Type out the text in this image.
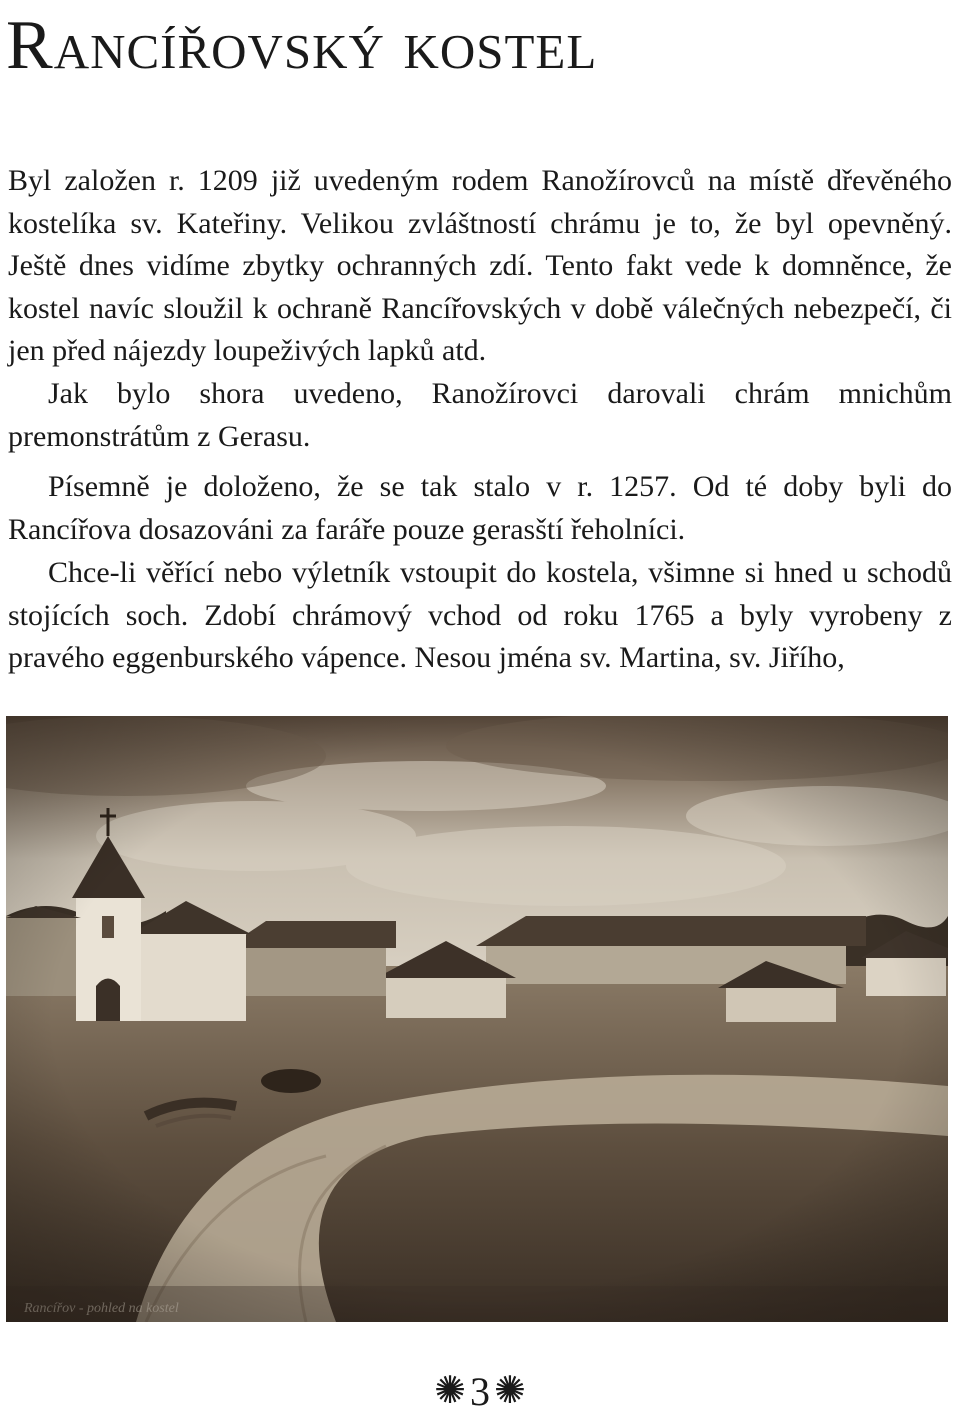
Rancířovský kostel

Byl založen r. 1209 již uvedeným rodem Ranožírovců na místě dřevěného kostelíka sv. Kateřiny. Velikou zvláštností chrámu je to, že byl opevněný. Ještě dnes vidíme zbytky ochranných zdí. Tento fakt vede k domněnce, že kostel navíc sloužil k ochraně Rancířovských v době válečných nebezpečí, či jen před nájezdy loupeživých lapků atd.

Jak bylo shora uvedeno, Ranožírovci darovali chrám mnichům premonstrátům z Gerasu.

Písemně je doloženo, že se tak stalo v r. 1257. Od té doby byli do Rancířova dosazováni za faráře pouze gerasští řeholníci.

Chce-li věřící nebo výletník vstoupit do kostela, všimne si hned u schodů stojících soch. Zdobí chrámový vchod od roku 1765 a byly vyrobeny z pravého eggenburského vápence. Nesou jména sv. Martina, sv. Jiřího,

✺ 3 ✺
